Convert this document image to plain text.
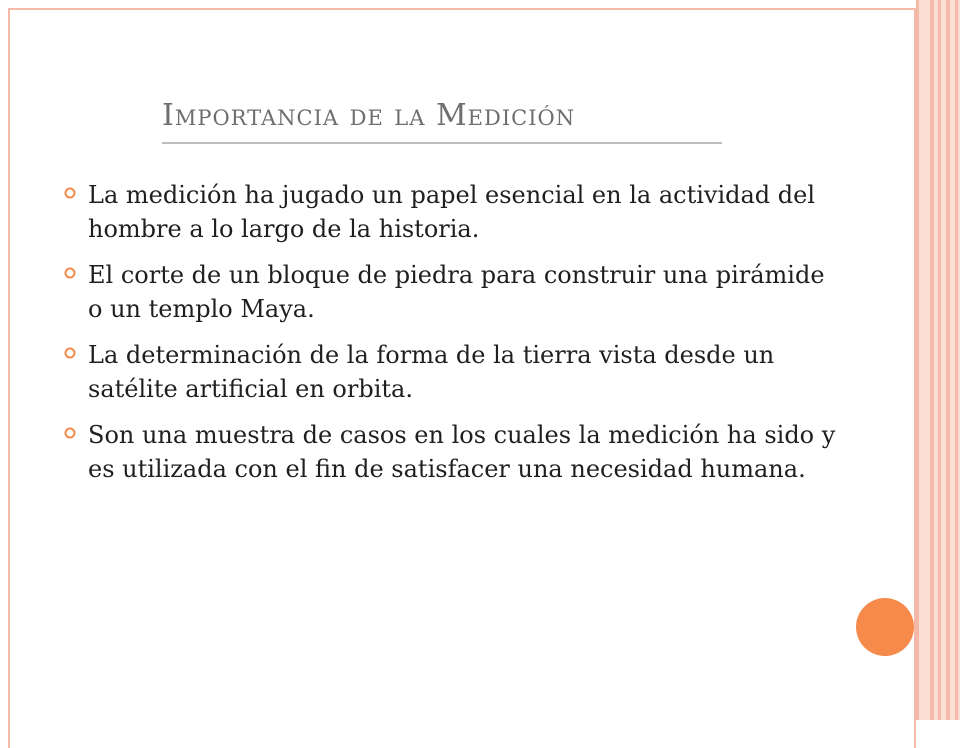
Importancia de la Medición
La medición ha jugado un papel esencial en la actividad del hombre a lo largo de la historia.
El corte de un bloque de piedra para construir una pirámide o un templo Maya.
La determinación de la forma de la tierra vista desde un satélite artificial en orbita.
Son una muestra de casos en los cuales la medición ha sido y es utilizada con el fin de satisfacer una necesidad humana.
